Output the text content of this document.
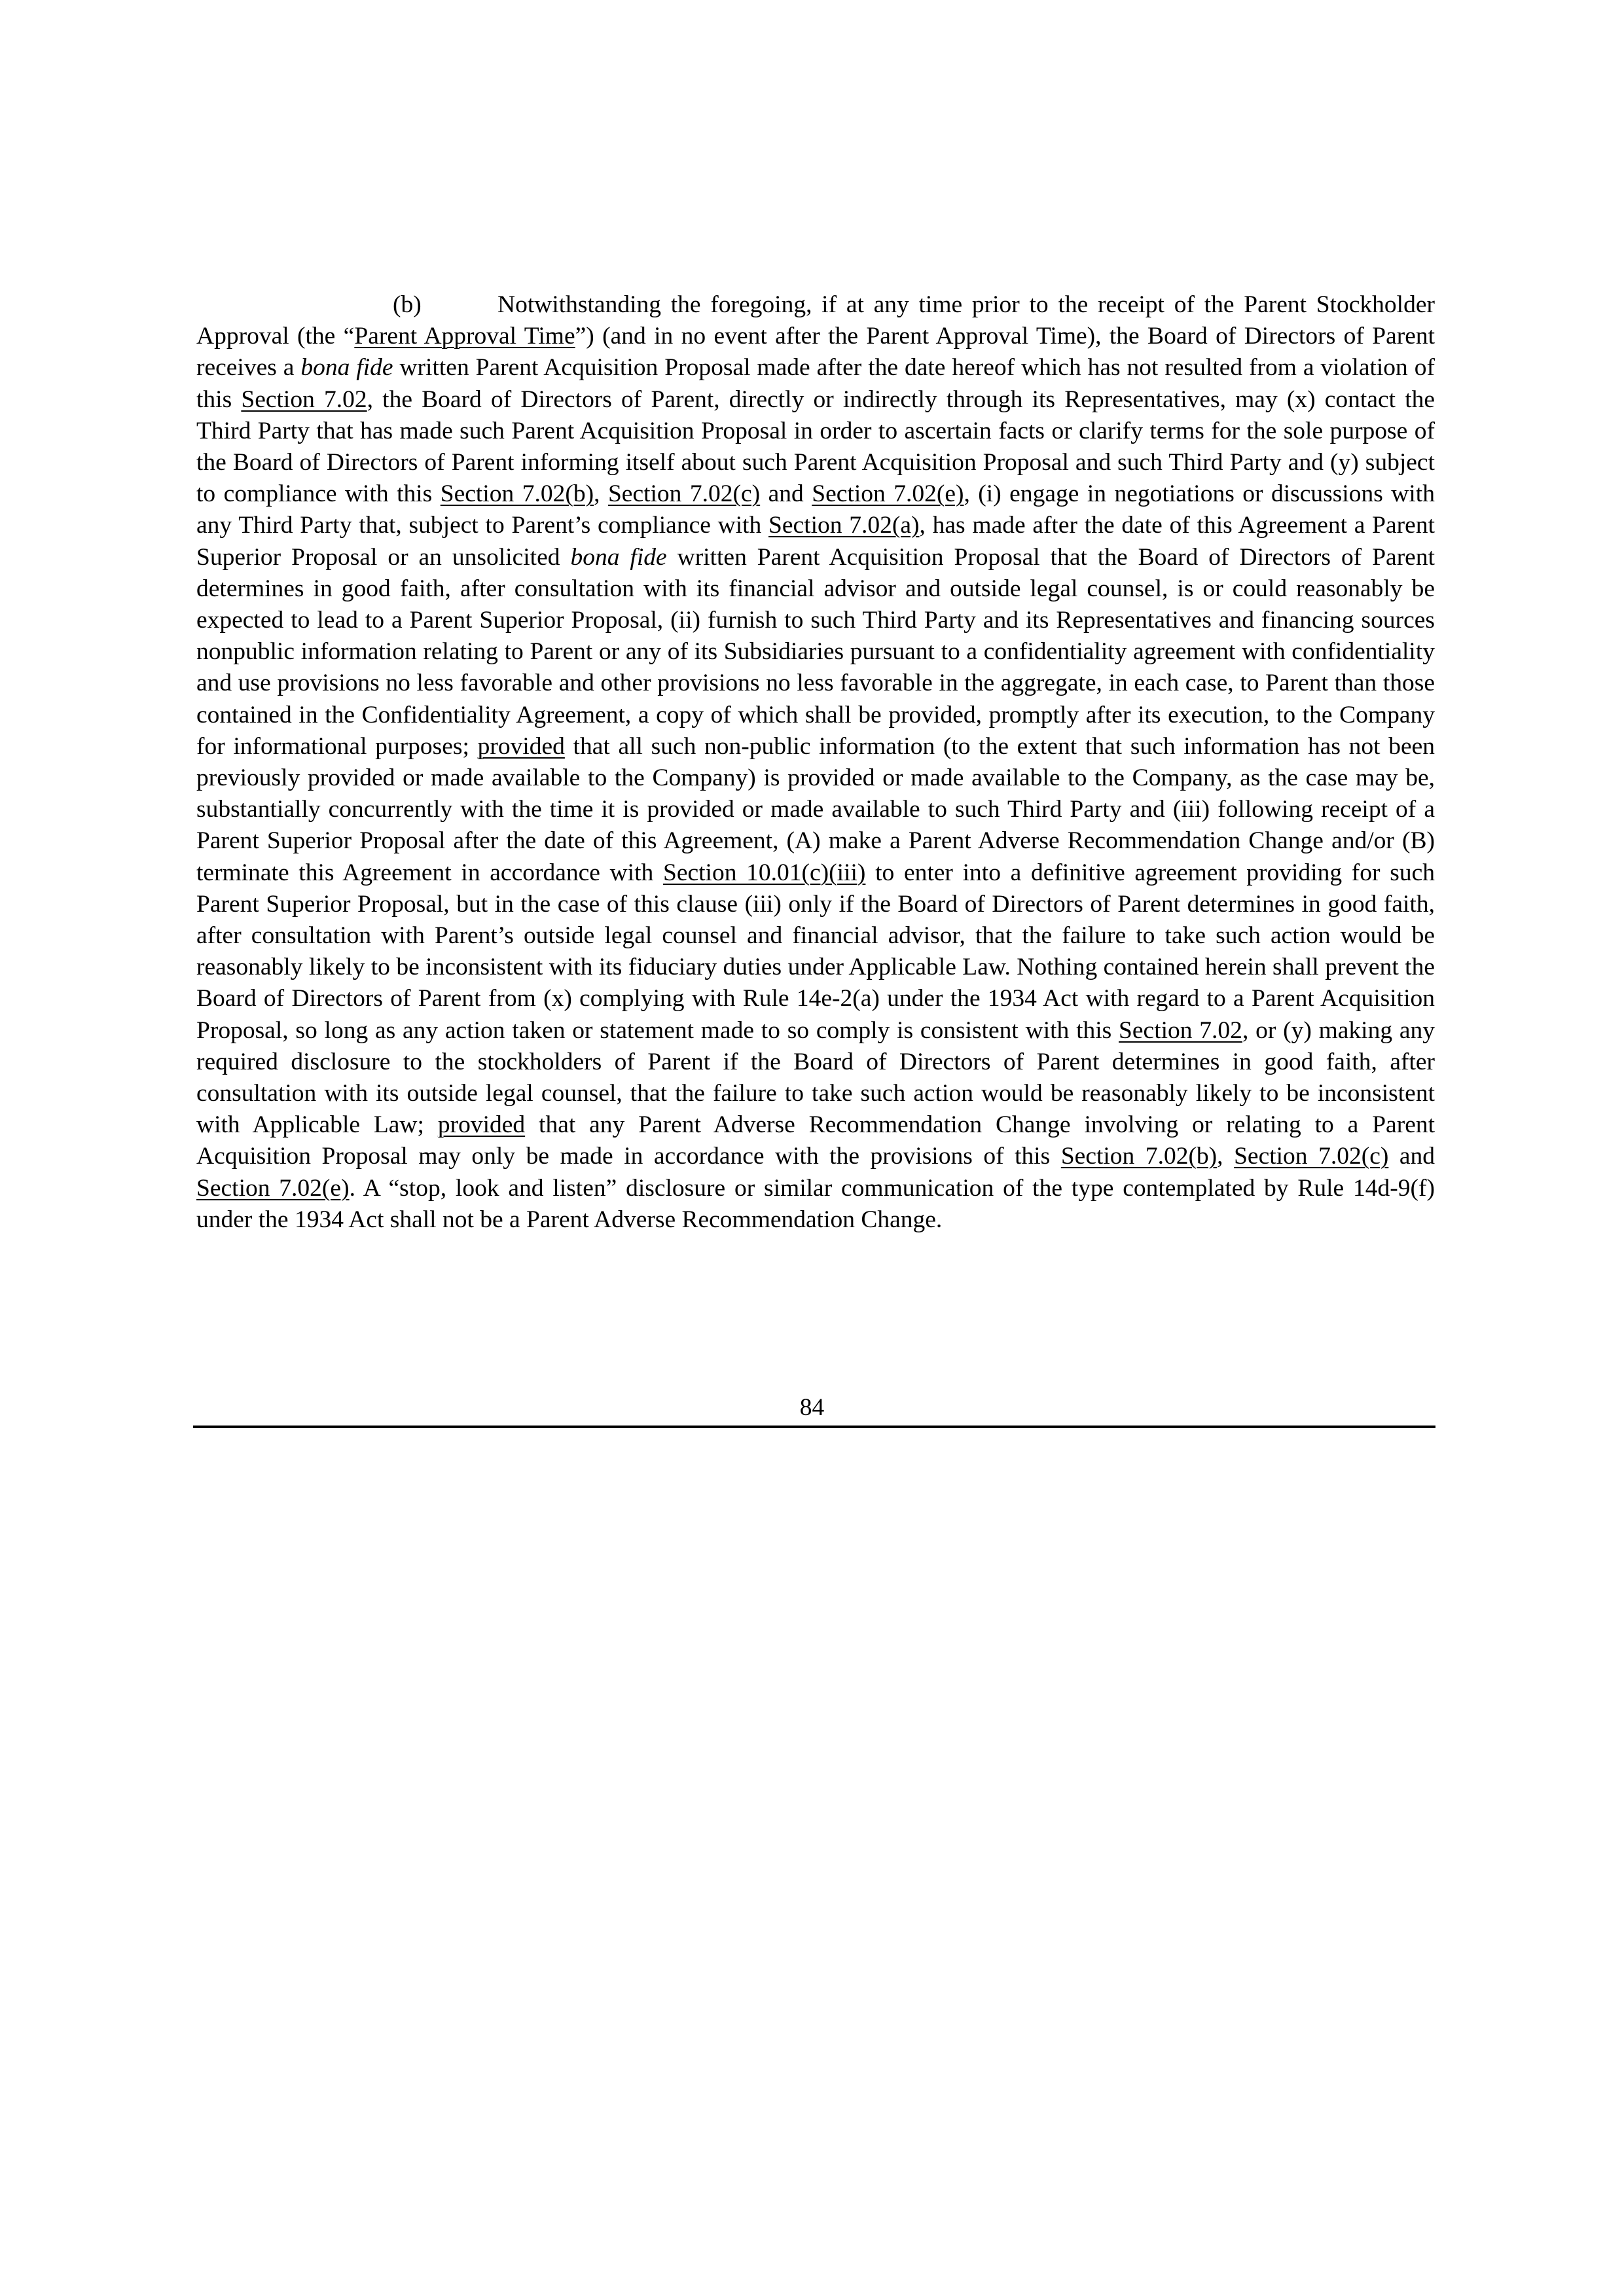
(b)	Notwithstanding the foregoing, if at any time prior to the receipt of the Parent Stockholder Approval (the “Parent Approval Time”) (and in no event after the Parent Approval Time), the Board of Directors of Parent receives a bona fide written Parent Acquisition Proposal made after the date hereof which has not resulted from a violation of this Section 7.02, the Board of Directors of Parent, directly or indirectly through its Representatives, may (x) contact the Third Party that has made such Parent Acquisition Proposal in order to ascertain facts or clarify terms for the sole purpose of the Board of Directors of Parent informing itself about such Parent Acquisition Proposal and such Third Party and (y) subject to compliance with this Section 7.02(b), Section 7.02(c) and Section 7.02(e), (i) engage in negotiations or discussions with any Third Party that, subject to Parent’s compliance with Section 7.02(a), has made after the date of this Agreement a Parent Superior Proposal or an unsolicited bona fide written Parent Acquisition Proposal that the Board of Directors of Parent determines in good faith, after consultation with its financial advisor and outside legal counsel, is or could reasonably be expected to lead to a Parent Superior Proposal, (ii) furnish to such Third Party and its Representatives and financing sources nonpublic information relating to Parent or any of its Subsidiaries pursuant to a confidentiality agreement with confidentiality and use provisions no less favorable and other provisions no less favorable in the aggregate, in each case, to Parent than those contained in the Confidentiality Agreement, a copy of which shall be provided, promptly after its execution, to the Company for informational purposes; provided that all such non-public information (to the extent that such information has not been previously provided or made available to the Company) is provided or made available to the Company, as the case may be, substantially concurrently with the time it is provided or made available to such Third Party and (iii) following receipt of a Parent Superior Proposal after the date of this Agreement, (A) make a Parent Adverse Recommendation Change and/or (B) terminate this Agreement in accordance with Section 10.01(c)(iii) to enter into a definitive agreement providing for such Parent Superior Proposal, but in the case of this clause (iii) only if the Board of Directors of Parent determines in good faith, after consultation with Parent’s outside legal counsel and financial advisor, that the failure to take such action would be reasonably likely to be inconsistent with its fiduciary duties under Applicable Law. Nothing contained herein shall prevent the Board of Directors of Parent from (x) complying with Rule 14e-2(a) under the 1934 Act with regard to a Parent Acquisition Proposal, so long as any action taken or statement made to so comply is consistent with this Section 7.02, or (y) making any required disclosure to the stockholders of Parent if the Board of Directors of Parent determines in good faith, after consultation with its outside legal counsel, that the failure to take such action would be reasonably likely to be inconsistent with Applicable Law; provided that any Parent Adverse Recommendation Change involving or relating to a Parent Acquisition Proposal may only be made in accordance with the provisions of this Section 7.02(b), Section 7.02(c) and Section 7.02(e). A “stop, look and listen” disclosure or similar communication of the type contemplated by Rule 14d-9(f) under the 1934 Act shall not be a Parent Adverse Recommendation Change.

84
